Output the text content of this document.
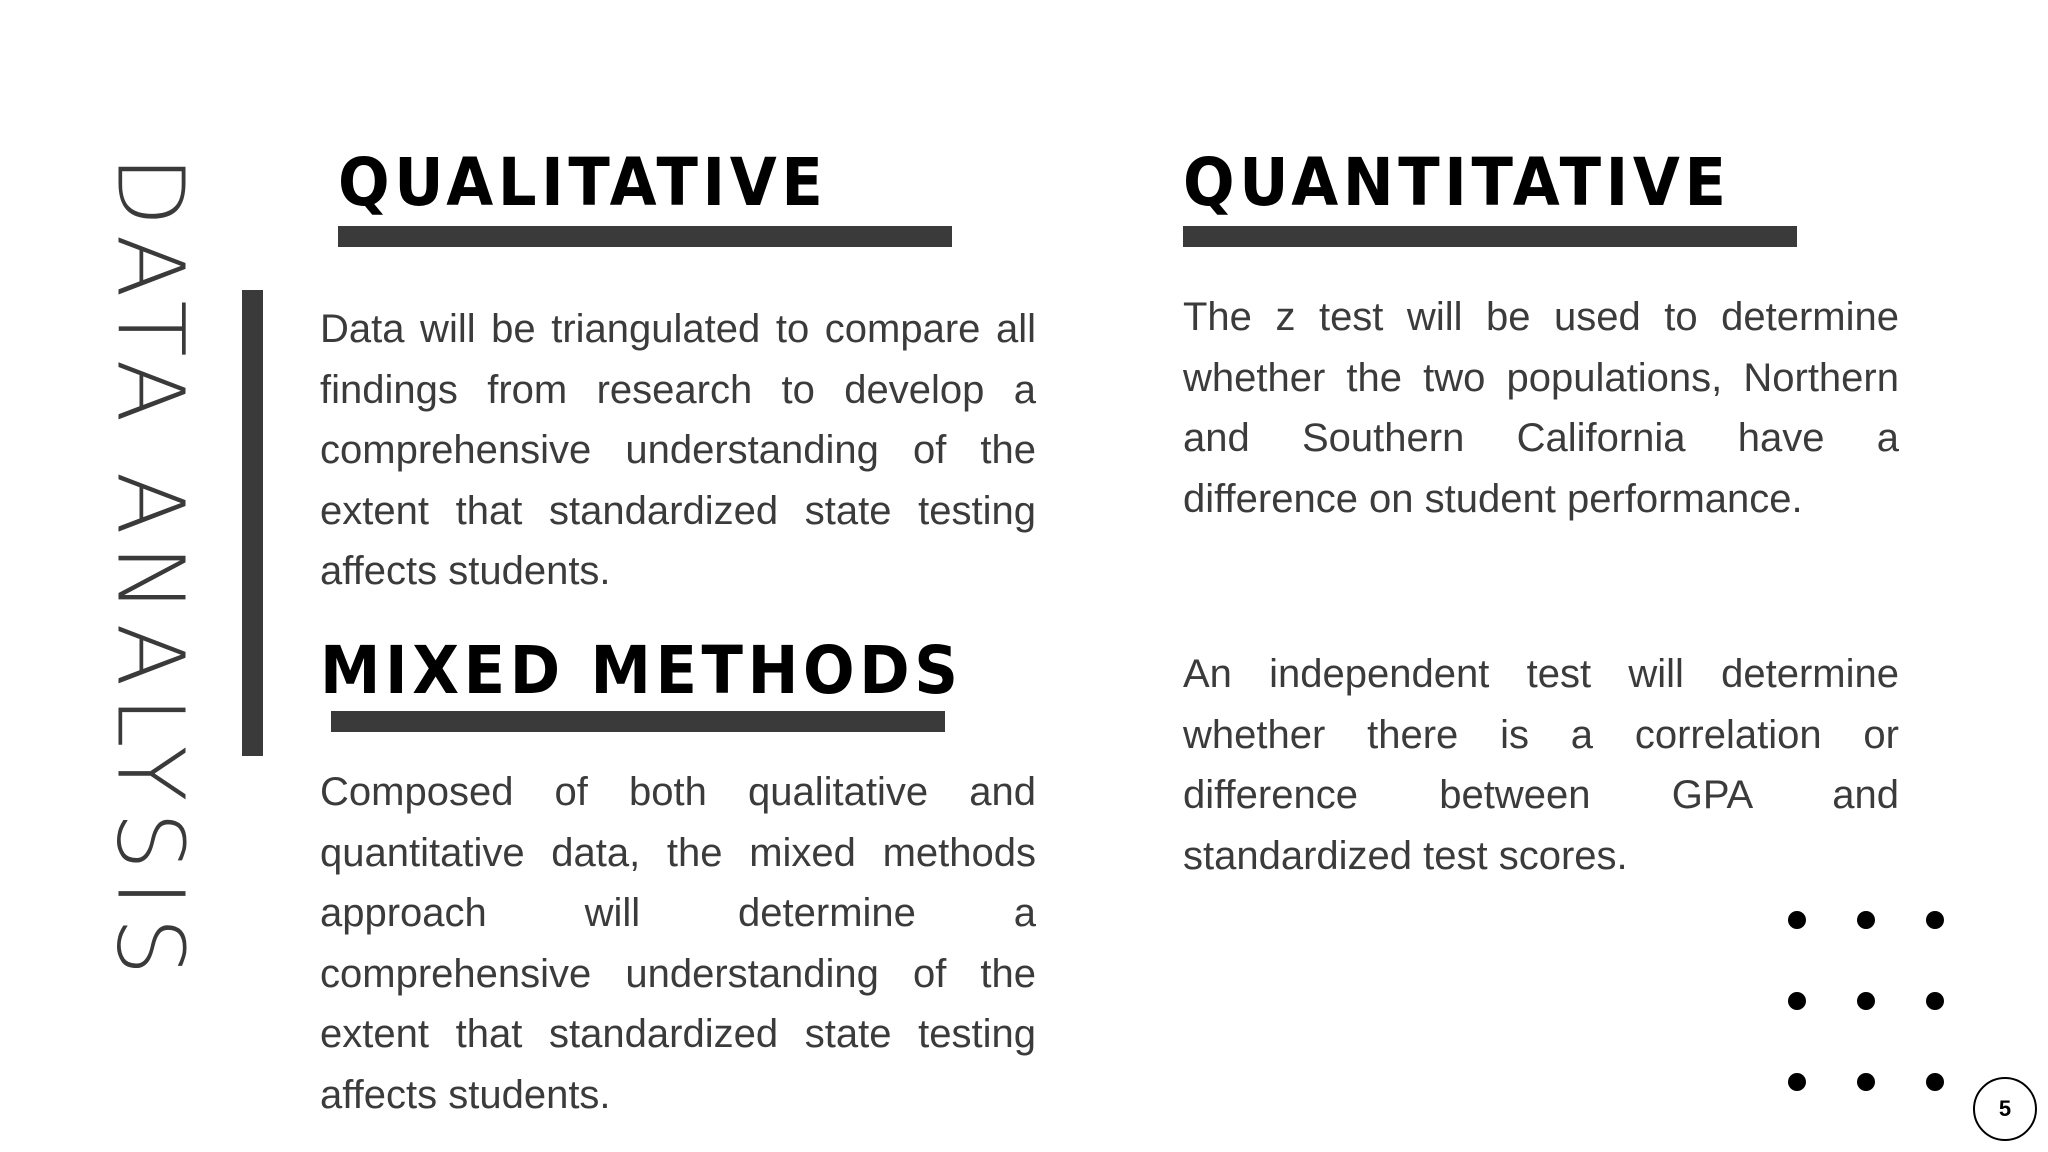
DATA ANALYSIS QUALITATIVE
Data will be triangulated to compare all findings from research to develop a comprehensive understanding of the extent that standardized state testing affects students.
MIXED METHODS
Composed of both qualitative and quantitative data, the mixed methods approach will determine a comprehensive understanding of the extent that standardized state testing affects students.
QUANTITATIVE
The z test will be used to determine whether the two populations, Northern and Southern California have a difference on student performance.
An independent test will determine whether there is a correlation or difference between GPA and standardized test scores.
5
